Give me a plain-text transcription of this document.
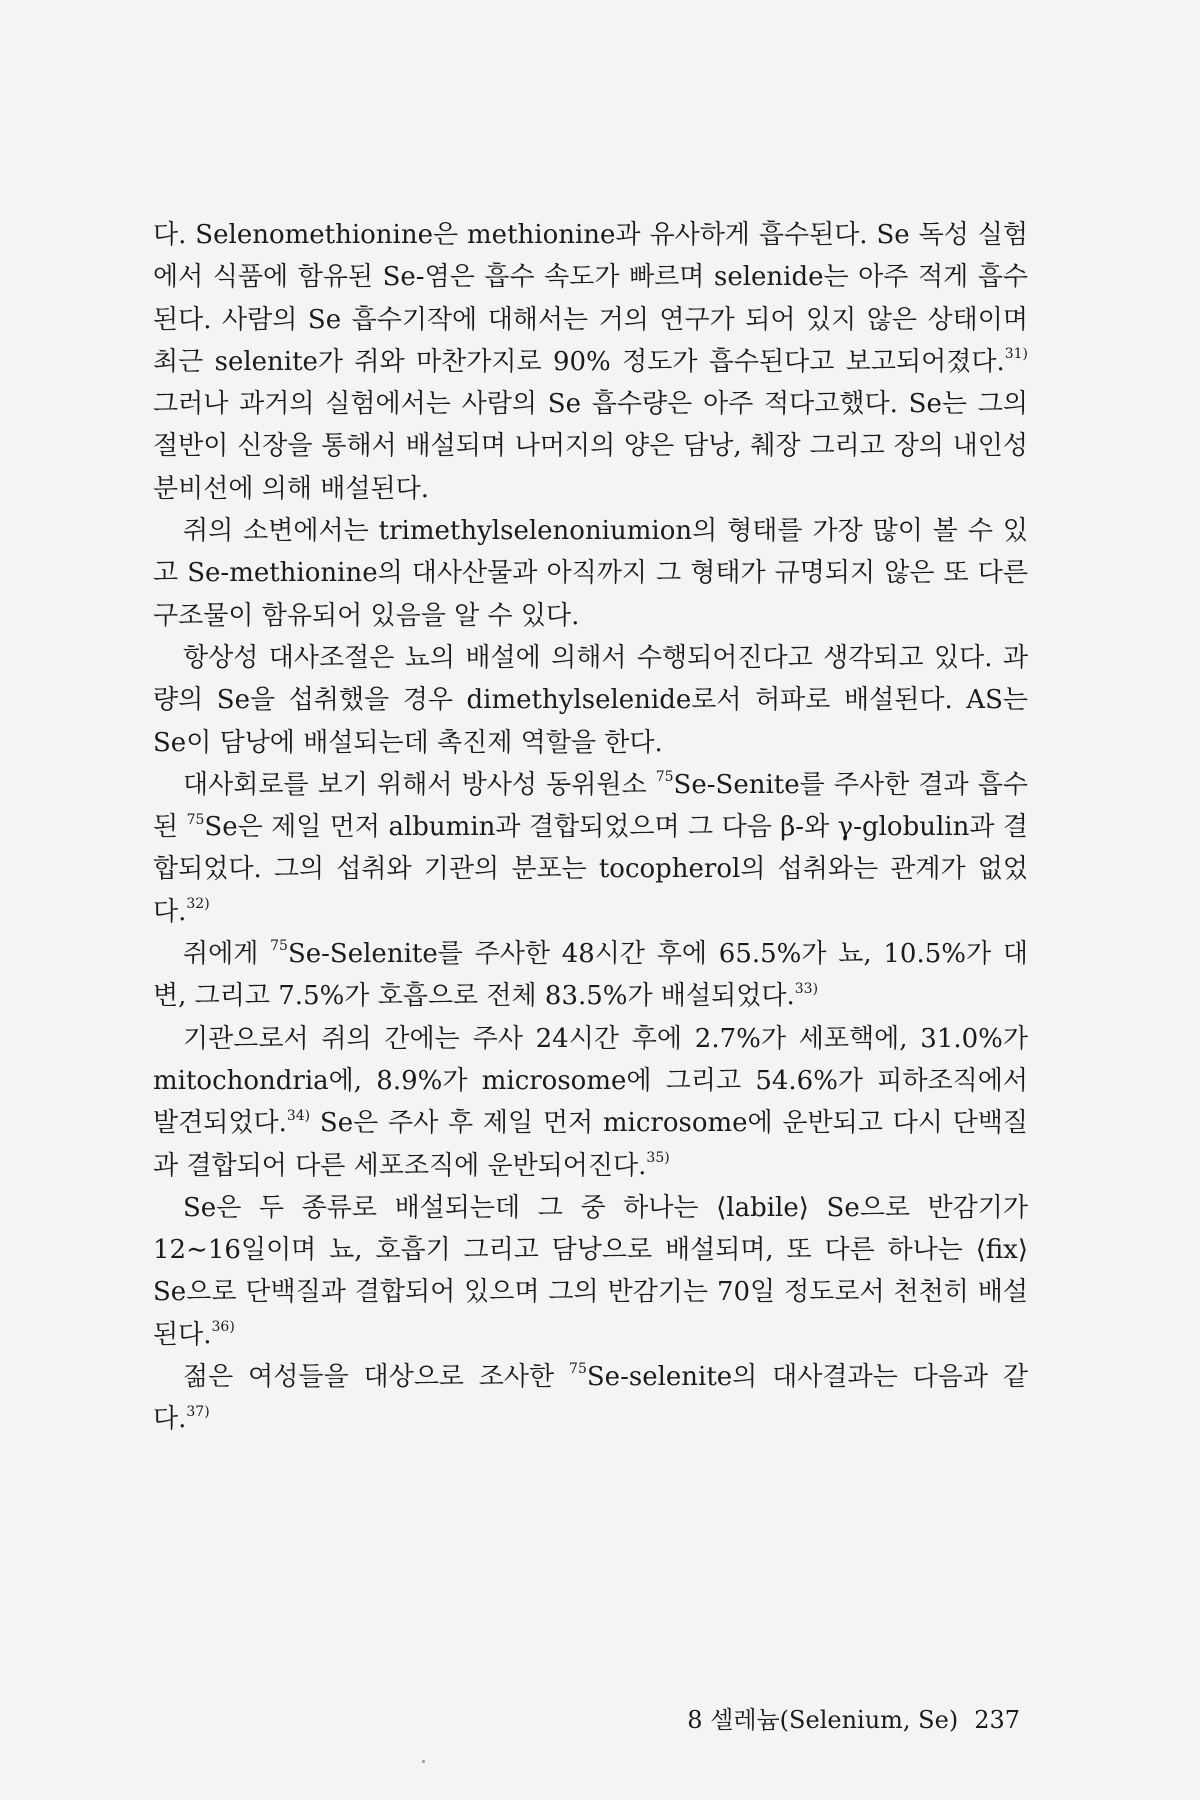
다. Selenomethionine은 methionine과 유사하게 흡수된다. Se 독성 실험에서 식품에 함유된 Se-염은 흡수 속도가 빠르며 selenide는 아주 적게 흡수된다. 사람의 Se 흡수기작에 대해서는 거의 연구가 되어 있지 않은 상태이며 최근 selenite가 쥐와 마찬가지로 90% 정도가 흡수된다고 보고되어졌다.$^{31)}$ 그러나 과거의 실험에서는 사람의 Se 흡수량은 아주 적다고했다. Se는 그의 절반이 신장을 통해서 배설되며 나머지의 양은 담낭, 췌장 그리고 장의 내인성 분비선에 의해 배설된다.

쥐의 소변에서는 trimethylselenoniumion의 형태를 가장 많이 볼 수 있고 Se-methionine의 대사산물과 아직까지 그 형태가 규명되지 않은 또 다른 구조물이 함유되어 있음을 알 수 있다.

항상성 대사조절은 뇨의 배설에 의해서 수행되어진다고 생각되고 있다. 과량의 Se을 섭취했을 경우 dimethylselenide로서 허파로 배설된다. AS는 Se이 담낭에 배설되는데 촉진제 역할을 한다.

대사회로를 보기 위해서 방사성 동위원소 $^{75}$Se-Senite를 주사한 결과 흡수된 $^{75}$Se은 제일 먼저 albumin과 결합되었으며 그 다음 β-와 γ-globulin과 결합되었다. 그의 섭취와 기관의 분포는 tocopherol의 섭취와는 관계가 없었다.$^{32)}$

쥐에게 $^{75}$Se-Selenite를 주사한 48시간 후에 65.5%가 뇨, 10.5%가 대변, 그리고 7.5%가 호흡으로 전체 83.5%가 배설되었다.$^{33)}$

기관으로서 쥐의 간에는 주사 24시간 후에 2.7%가 세포핵에, 31.0%가 mitochondria에, 8.9%가 microsome에 그리고 54.6%가 피하조직에서 발견되었다.$^{34)}$ Se은 주사 후 제일 먼저 microsome에 운반되고 다시 단백질과 결합되어 다른 세포조직에 운반되어진다.$^{35)}$

Se은 두 종류로 배설되는데 그 중 하나는 ⟨labile⟩ Se으로 반감기가 12∼16일이며 뇨, 호흡기 그리고 담낭으로 배설되며, 또 다른 하나는 ⟨fix⟩ Se으로 단백질과 결합되어 있으며 그의 반감기는 70일 정도로서 천천히 배설된다.$^{36)}$

젊은 여성들을 대상으로 조사한 $^{75}$Se-selenite의 대사결과는 다음과 같다.$^{37)}$

8 셀레늄(Selenium, Se) 237
